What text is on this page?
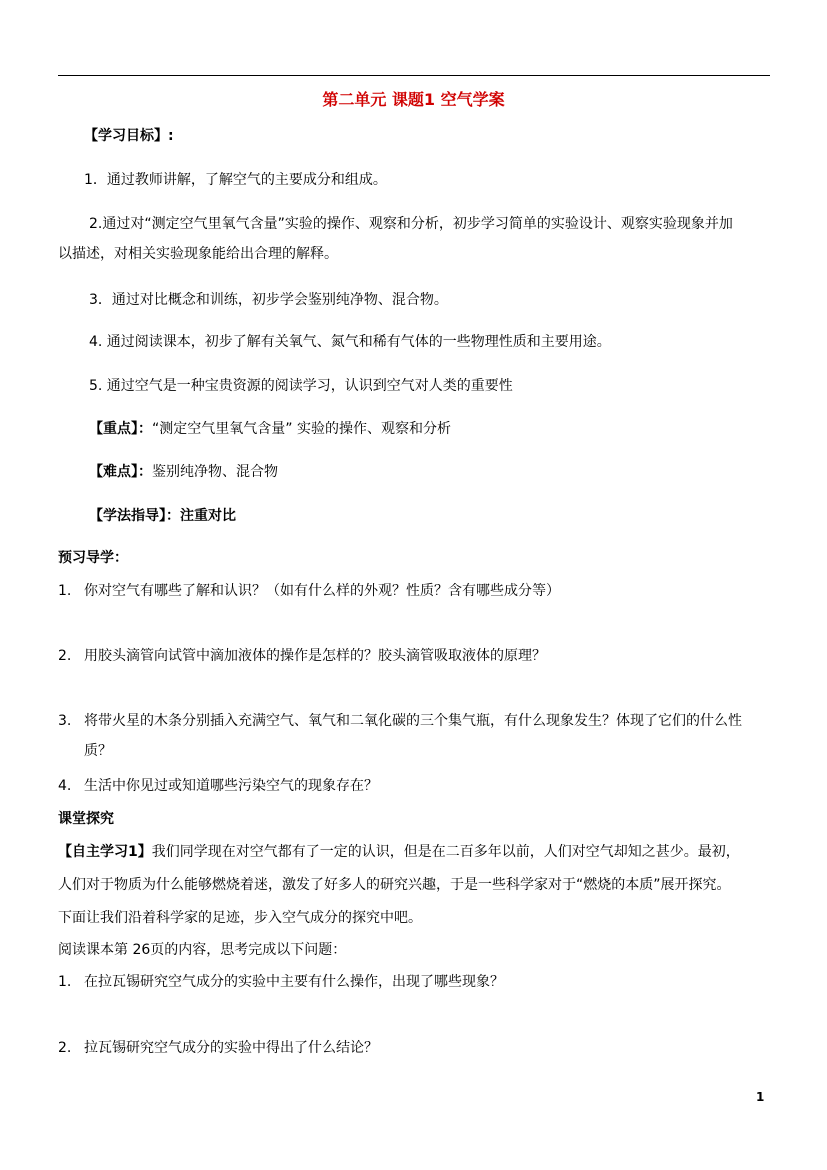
第二单元 课题1 空气学案
【学习目标】:
1．通过教师讲解，了解空气的主要成分和组成。
2.通过对“测定空气里氧气含量”实验的操作、观察和分析，初步学习简单的实验设计、观察实验现象并加
以描述，对相关实验现象能给出合理的解释。
3．通过对比概念和训练，初步学会鉴别纯净物、混合物。
4. 通过阅读课本，初步了解有关氧气、氮气和稀有气体的一些物理性质和主要用途。
5. 通过空气是一种宝贵资源的阅读学习，认识到空气对人类的重要性
【重点】：“测定空气里氧气含量” 实验的操作、观察和分析
【难点】：鉴别纯净物、混合物
【学法指导】：注重对比
预习导学：
1. 你对空气有哪些了解和认识？（如有什么样的外观？性质？含有哪些成分等）
2. 用胶头滴管向试管中滴加液体的操作是怎样的？胶头滴管吸取液体的原理？
3. 将带火星的木条分别插入充满空气、氧气和二氧化碳的三个集气瓶，有什么现象发生？体现了它们的什么性
质？
4. 生活中你见过或知道哪些污染空气的现象存在？
课堂探究
【自主学习1】我们同学现在对空气都有了一定的认识，但是在二百多年以前，人们对空气却知之甚少。最初，
人们对于物质为什么能够燃烧着迷，激发了好多人的研究兴趣，于是一些科学家对于“燃烧的本质”展开探究。
下面让我们沿着科学家的足迹，步入空气成分的探究中吧。
阅读课本第 26页的内容，思考完成以下问题：
1. 在拉瓦锡研究空气成分的实验中主要有什么操作，出现了哪些现象？
2. 拉瓦锡研究空气成分的实验中得出了什么结论？
1
